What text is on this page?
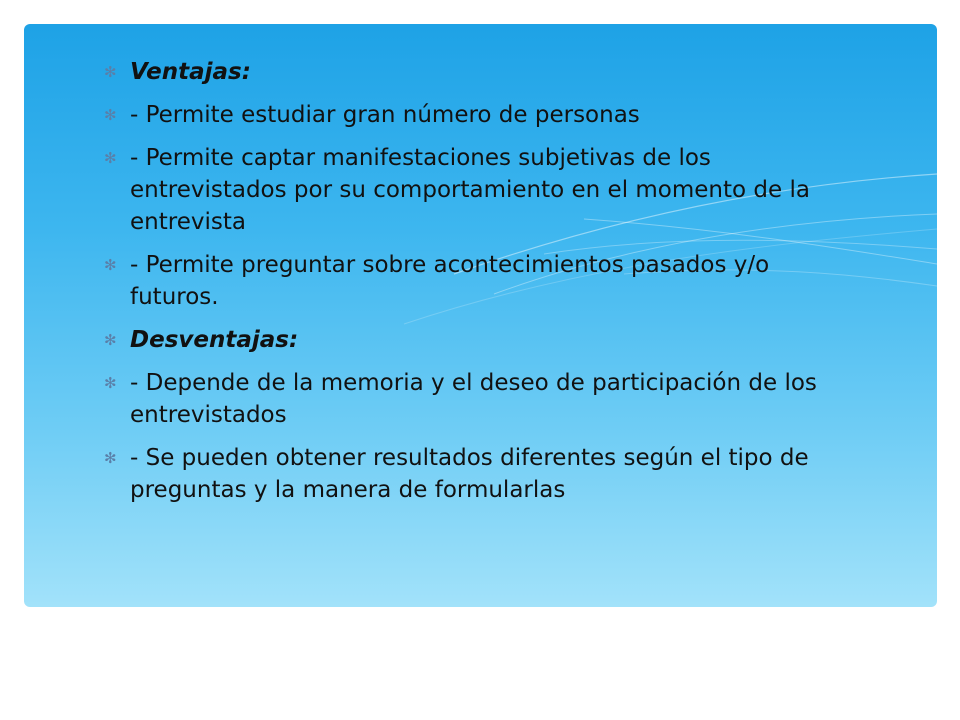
✻ Ventajas:
✻ - Permite estudiar gran número de personas
✻ - Permite captar manifestaciones subjetivas de los entrevistados por su comportamiento en el momento de la entrevista
✻ - Permite preguntar sobre acontecimientos pasados y/o futuros.
✻ Desventajas:
✻ - Depende de la memoria y el deseo de participación de los entrevistados
✻ - Se pueden obtener resultados diferentes según el tipo de preguntas y la manera de formularlas
